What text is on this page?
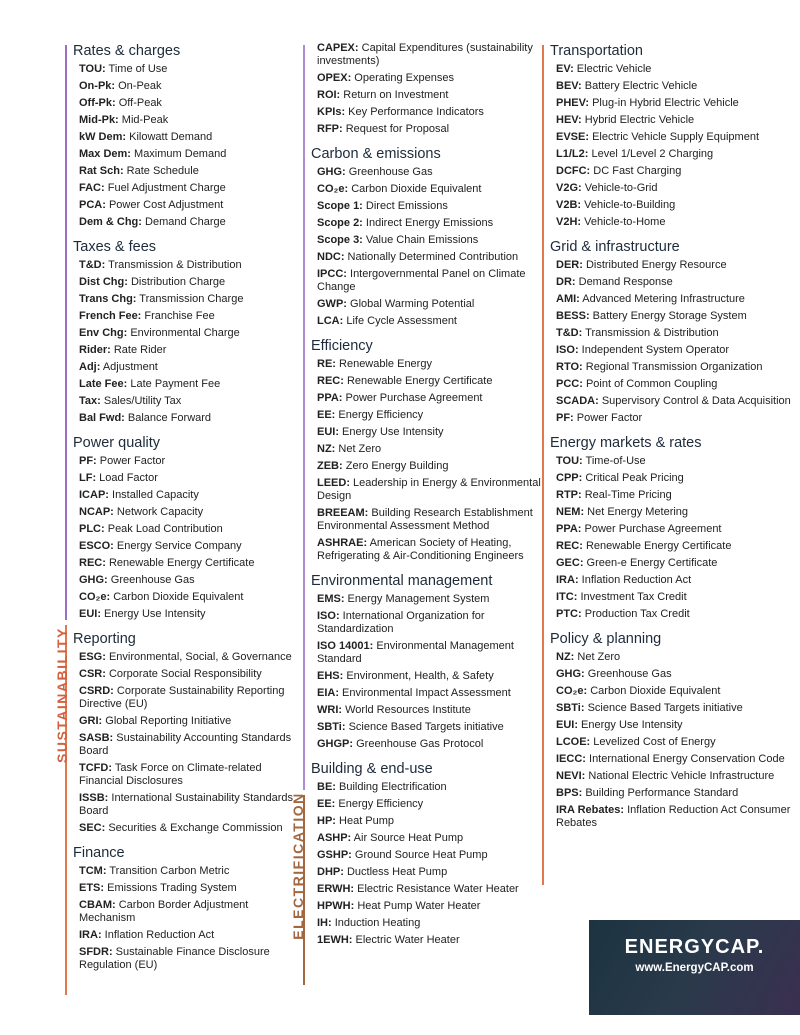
SUSTAINABILITY
ELECTRIFICATION
Rates & charges
TOU: Time of Use
On-Pk: On-Peak
Off-Pk: Off-Peak
Mid-Pk: Mid-Peak
kW Dem: Kilowatt Demand
Max Dem: Maximum Demand
Rat Sch: Rate Schedule
FAC: Fuel Adjustment Charge
PCA: Power Cost Adjustment
Dem & Chg: Demand Charge
Taxes & fees
T&D: Transmission & Distribution
Dist Chg: Distribution Charge
Trans Chg: Transmission Charge
French Fee: Franchise Fee
Env Chg: Environmental Charge
Rider: Rate Rider
Adj: Adjustment
Late Fee: Late Payment Fee
Tax: Sales/Utility Tax
Bal Fwd: Balance Forward
Power quality
PF: Power Factor
LF: Load Factor
ICAP: Installed Capacity
NCAP: Network Capacity
PLC: Peak Load Contribution
ESCO: Energy Service Company
REC: Renewable Energy Certificate
GHG: Greenhouse Gas
CO₂e: Carbon Dioxide Equivalent
EUI: Energy Use Intensity
Reporting
ESG: Environmental, Social, & Governance
CSR: Corporate Social Responsibility
CSRD: Corporate Sustainability Reporting Directive (EU)
GRI: Global Reporting Initiative
SASB: Sustainability Accounting Standards Board
TCFD: Task Force on Climate-related Financial Disclosures
ISSB: International Sustainability Standards Board
SEC: Securities & Exchange Commission
Finance
TCM: Transition Carbon Metric
ETS: Emissions Trading System
CBAM: Carbon Border Adjustment Mechanism
IRA: Inflation Reduction Act
SFDR: Sustainable Finance Disclosure Regulation (EU)
CAPEX: Capital Expenditures (sustainability investments)
OPEX: Operating Expenses
ROI: Return on Investment
KPIs: Key Performance Indicators
RFP: Request for Proposal
Carbon & emissions
GHG: Greenhouse Gas
CO₂e: Carbon Dioxide Equivalent
Scope 1: Direct Emissions
Scope 2: Indirect Energy Emissions
Scope 3: Value Chain Emissions
NDC: Nationally Determined Contribution
IPCC: Intergovernmental Panel on Climate Change
GWP: Global Warming Potential
LCA: Life Cycle Assessment
Efficiency
RE: Renewable Energy
REC: Renewable Energy Certificate
PPA: Power Purchase Agreement
EE: Energy Efficiency
EUI: Energy Use Intensity
NZ: Net Zero
ZEB: Zero Energy Building
LEED: Leadership in Energy & Environmental Design
BREEAM: Building Research Establishment Environmental Assessment Method
ASHRAE: American Society of Heating, Refrigerating & Air-Conditioning Engineers
Environmental management
EMS: Energy Management System
ISO: International Organization for Standardization
ISO 14001: Environmental Management Standard
EHS: Environment, Health, & Safety
EIA: Environmental Impact Assessment
WRI: World Resources Institute
SBTi: Science Based Targets initiative
GHGP: Greenhouse Gas Protocol
Building & end-use
BE: Building Electrification
EE: Energy Efficiency
HP: Heat Pump
ASHP: Air Source Heat Pump
GSHP: Ground Source Heat Pump
DHP: Ductless Heat Pump
ERWH: Electric Resistance Water Heater
HPWH: Heat Pump Water Heater
IH: Induction Heating
1EWH: Electric Water Heater
Transportation
EV: Electric Vehicle
BEV: Battery Electric Vehicle
PHEV: Plug-in Hybrid Electric Vehicle
HEV: Hybrid Electric Vehicle
EVSE: Electric Vehicle Supply Equipment
L1/L2: Level 1/Level 2 Charging
DCFC: DC Fast Charging
V2G: Vehicle-to-Grid
V2B: Vehicle-to-Building
V2H: Vehicle-to-Home
Grid & infrastructure
DER: Distributed Energy Resource
DR: Demand Response
AMI: Advanced Metering Infrastructure
BESS: Battery Energy Storage System
T&D: Transmission & Distribution
ISO: Independent System Operator
RTO: Regional Transmission Organization
PCC: Point of Common Coupling
SCADA: Supervisory Control & Data Acquisition
PF: Power Factor
Energy markets & rates
TOU: Time-of-Use
CPP: Critical Peak Pricing
RTP: Real-Time Pricing
NEM: Net Energy Metering
PPA: Power Purchase Agreement
REC: Renewable Energy Certificate
GEC: Green-e Energy Certificate
IRA: Inflation Reduction Act
ITC: Investment Tax Credit
PTC: Production Tax Credit
Policy & planning
NZ: Net Zero
GHG: Greenhouse Gas
CO₂e: Carbon Dioxide Equivalent
SBTi: Science Based Targets initiative
EUI: Energy Use Intensity
LCOE: Levelized Cost of Energy
IECC: International Energy Conservation Code
NEVI: National Electric Vehicle Infrastructure
BPS: Building Performance Standard
IRA Rebates: Inflation Reduction Act Consumer Rebates
ENERGYCAP.
www.EnergyCAP.com
